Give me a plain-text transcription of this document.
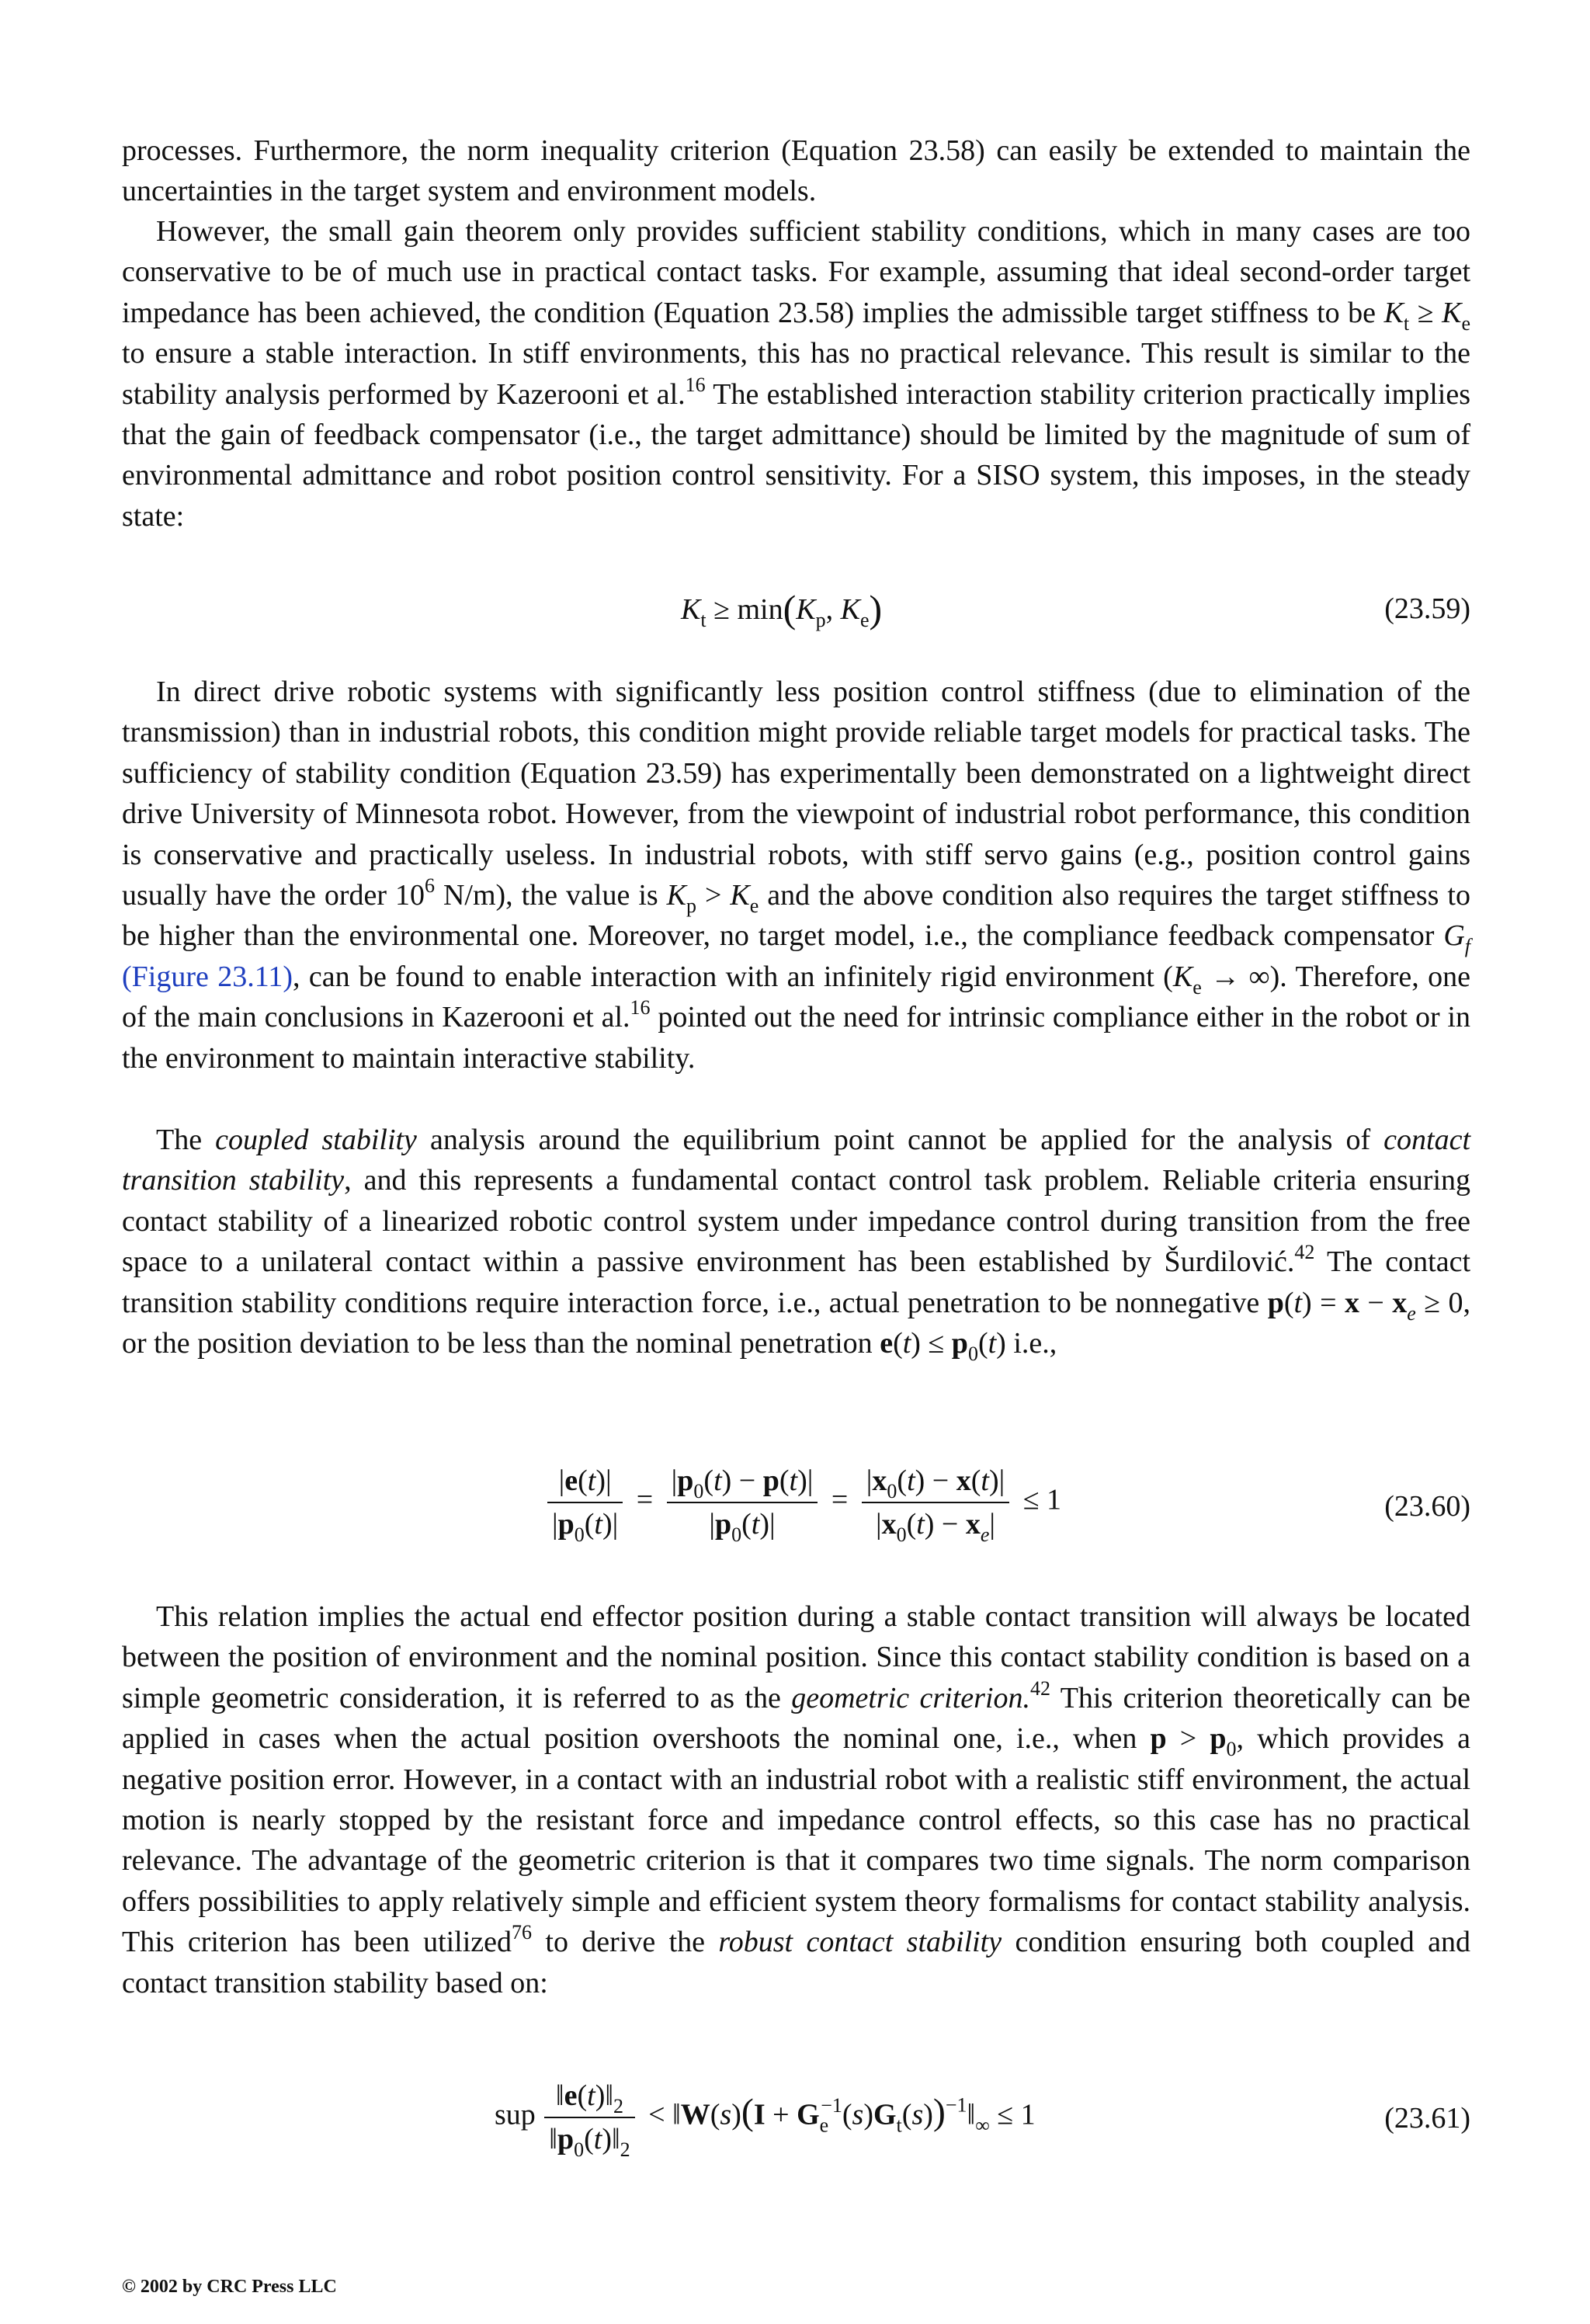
processes. Furthermore, the norm inequality criterion (Equation 23.58) can easily be extended to maintain the uncertainties in the target system and environment models.

However, the small gain theorem only provides sufficient stability conditions, which in many cases are too conservative to be of much use in practical contact tasks. For example, assuming that ideal second-order target impedance has been achieved, the condition (Equation 23.58) implies the admissible target stiffness to be $K_t \ge K_e$ to ensure a stable interaction. In stiff environments, this has no practical relevance. This result is similar to the stability analysis performed by Kazerooni et al.$^{16}$ The established interaction stability criterion practically implies that the gain of feedback compensator (i.e., the target admittance) should be limited by the magnitude of sum of environmental admittance and robot position control sensitivity. For a SISO system, this imposes, in the steady state:

$K_t \ge \min(K_p$, $K_e$)	(23.59)

In direct drive robotic systems with significantly less position control stiffness (due to elimination of the transmission) than in industrial robots, this condition might provide reliable target models for practical tasks. The sufficiency of stability condition (Equation 23.59) has experimentally been demonstrated on a lightweight direct drive University of Minnesota robot. However, from the viewpoint of industrial robot performance, this condition is conservative and practically useless. In industrial robots, with stiff servo gains (e.g., position control gains usually have the order $10^6$ N/m), the value is $K_p > K_e$ and the above condition also requires the target stiffness to be higher than the environmental one. Moreover, no target model, i.e., the compliance feedback compensator $G_f$ (Figure 23.11), can be found to enable interaction with an infinitely rigid environment ($K_e$ → ∞). Therefore, one of the main conclusions in Kazerooni et al.$^{16}$ pointed out the need for intrinsic compliance either in the robot or in the environment to maintain interactive stability.

The coupled stability analysis around the equilibrium point cannot be applied for the analysis of contact transition stability, and this represents a fundamental contact control task problem. Reliable criteria ensuring contact stability of a linearized robotic control system under impedance control during transition from the free space to a unilateral contact within a passive environment has been established by Šurdilović.$^{42}$ The contact transition stability conditions require interaction force, i.e., actual penetration to be nonnegative $p(t) = x - x_e \ge 0$, or the position deviation to be less than the nominal penetration $e(t) \le p_0(t)$ i.e.,

$\frac{|e(t)|}{|p_0(t)|} = \frac{|p_0(t) - p(t)|}{|p_0(t)|} = \frac{|x_0(t) - x(t)|}{|x_0(t) - x_e|} \le 1$	(23.60)

This relation implies the actual end effector position during a stable contact transition will always be located between the position of environment and the nominal position. Since this contact stability condition is based on a simple geometric consideration, it is referred to as the geometric criterion.$^{42}$ This criterion theoretically can be applied in cases when the actual position overshoots the nominal one, i.e., when $p > p_0$, which provides a negative position error. However, in a contact with an industrial robot with a realistic stiff environment, the actual motion is nearly stopped by the resistant force and impedance control effects, so this case has no practical relevance. The advantage of the geometric criterion is that it compares two time signals. The norm comparison offers possibilities to apply relatively simple and efficient system theory formalisms for contact stability analysis. This criterion has been utilized$^{76}$ to derive the robust contact stability condition ensuring both coupled and contact transition stability based on:

sup $\frac{‖e(t)‖_2}{‖p_0(t)‖_2}$ < ‖W(s)(I + $G_e^{-1}(s)G_t(s))^{-1}‖_\infty \le 1$	(23.61)
© 2002 by CRC Press LLC
